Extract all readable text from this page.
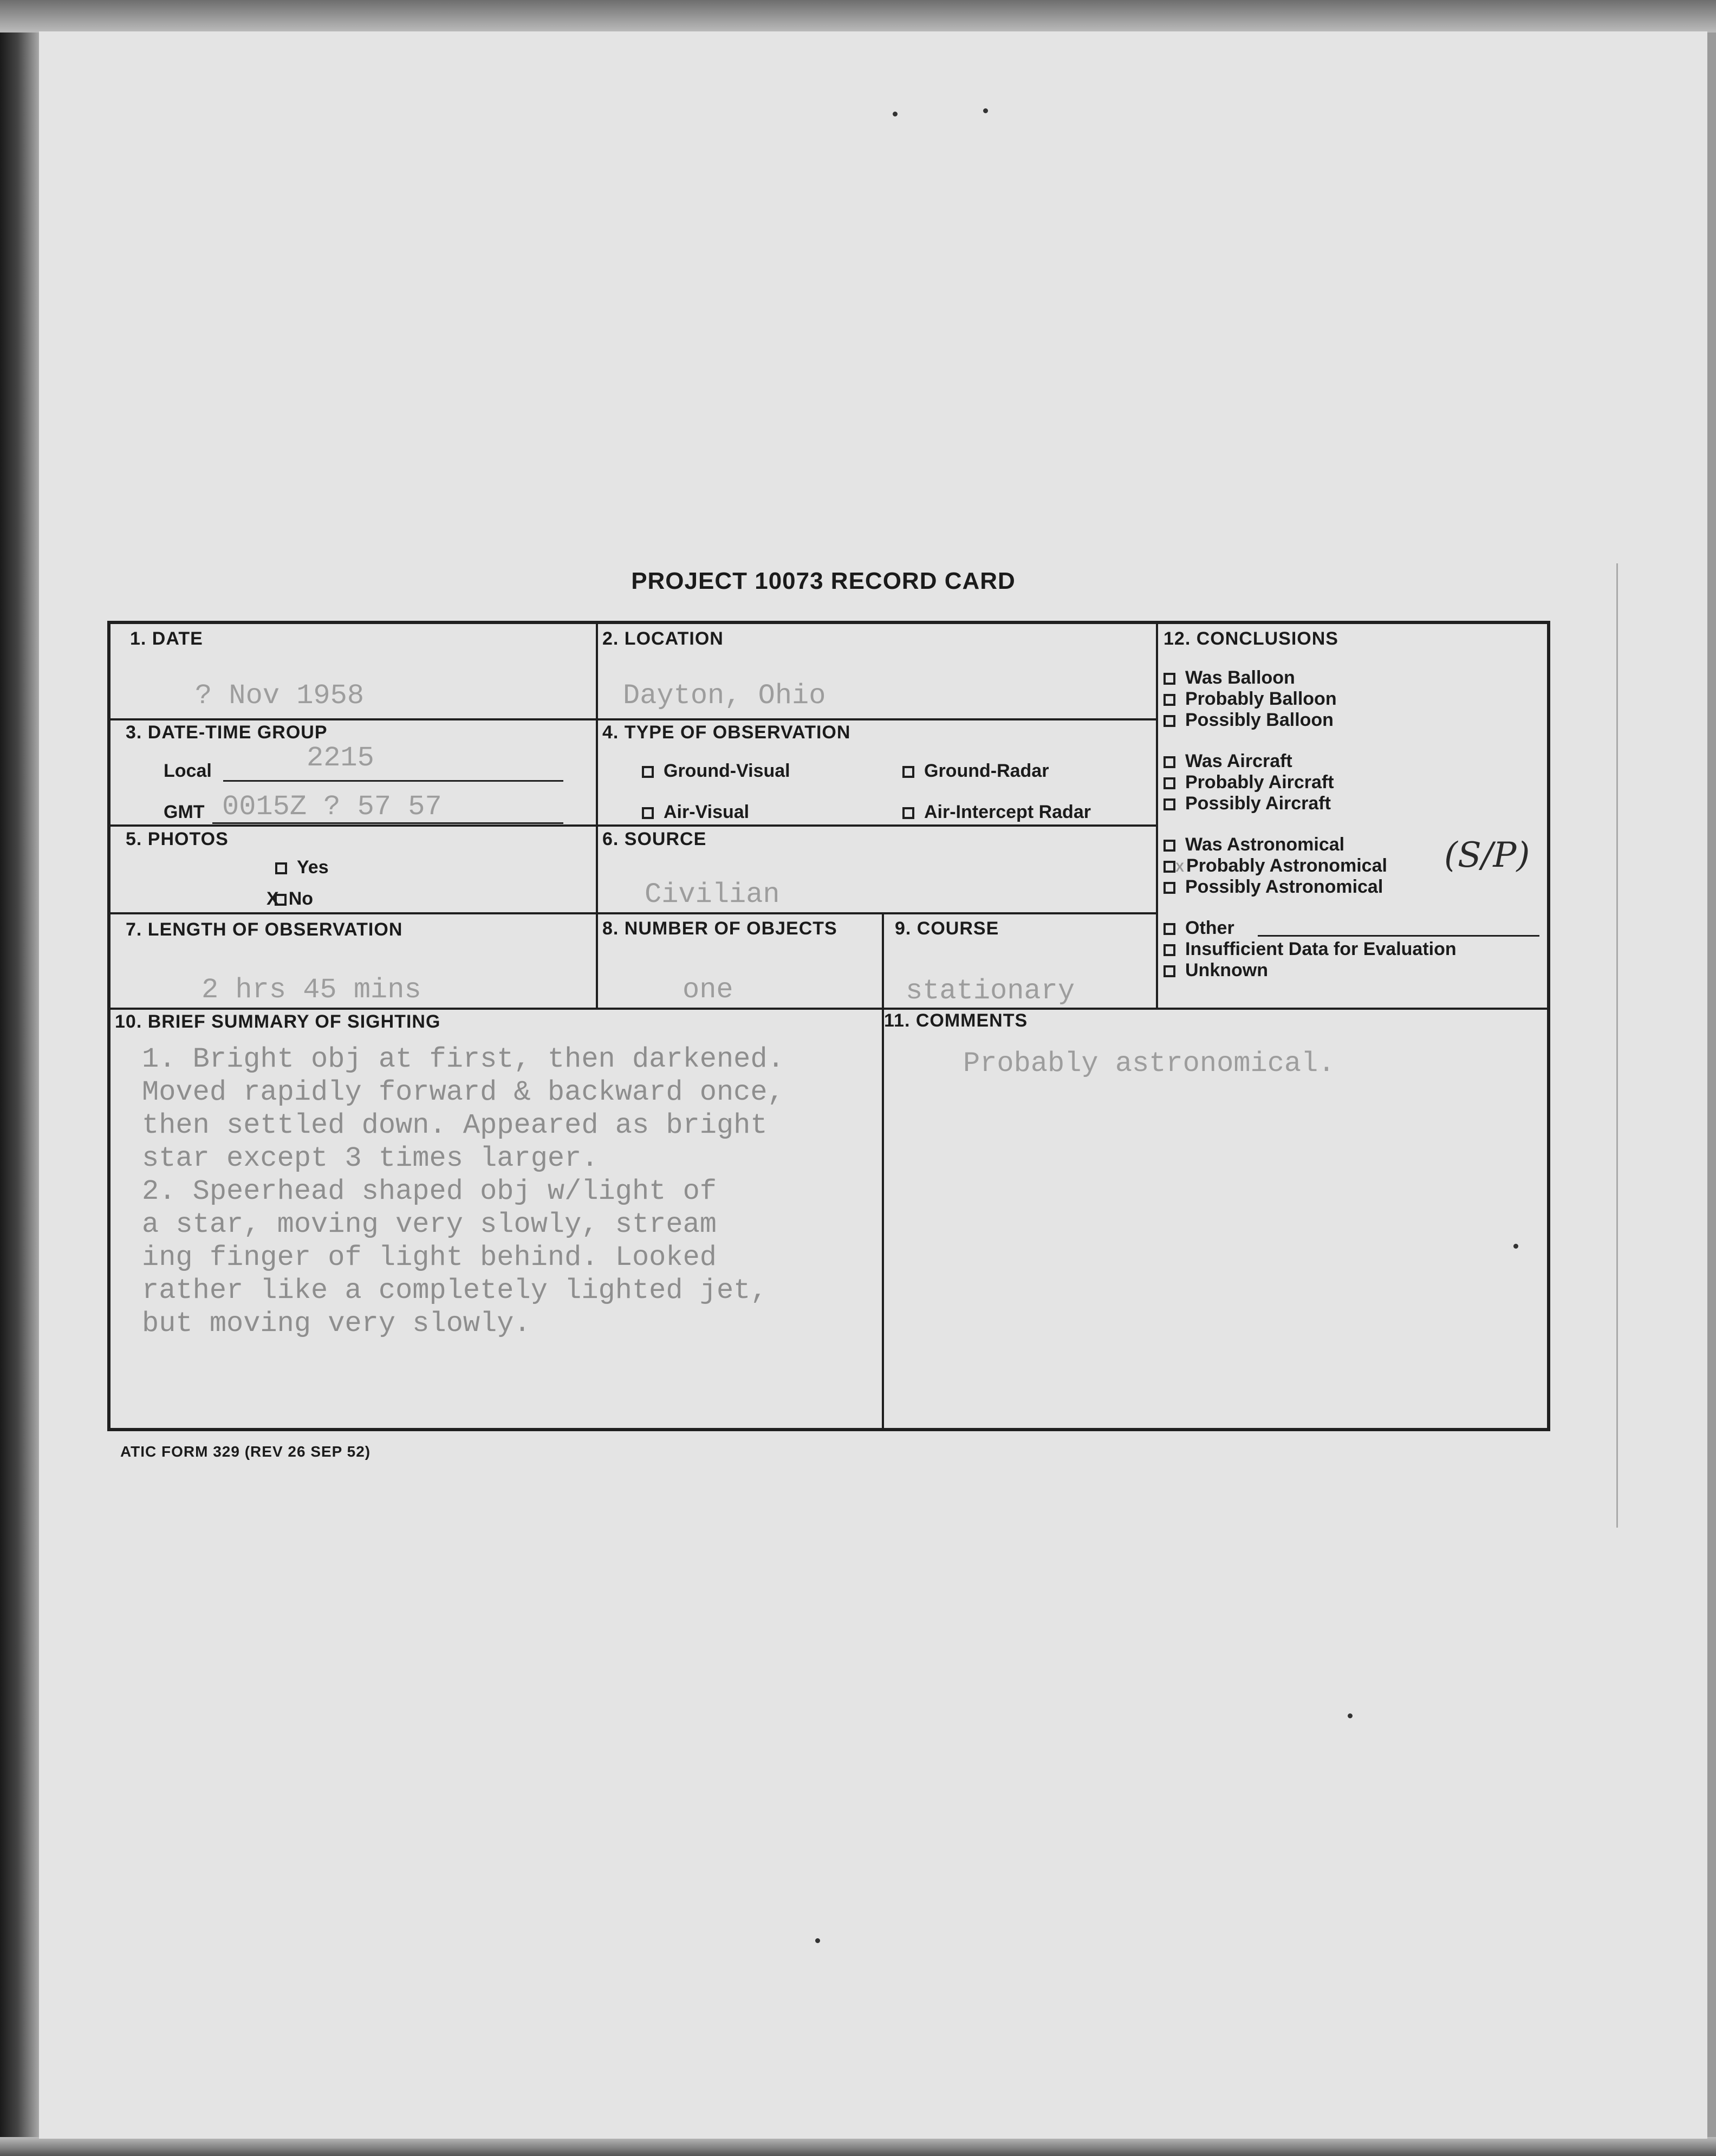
PROJECT 10073 RECORD CARD
1. DATE
? Nov 1958
2. LOCATION
Dayton, Ohio
3. DATE-TIME GROUP
Local	2215
GMT 0015Z ? 57 57
4. TYPE OF OBSERVATION
Ground-Visual	Ground-Radar
Air-Visual	Air-Intercept Radar
5. PHOTOS
Yes
X No
6. SOURCE
Civilian
7. LENGTH OF OBSERVATION
2 hrs 45 mins
8. NUMBER OF OBJECTS
one
9. COURSE
stationary
12. CONCLUSIONS
Was Balloon
Probably Balloon
Possibly Balloon
Was Aircraft
Probably Aircraft
Possibly Aircraft
Was Astronomical
X Probably Astronomical
Possibly Astronomical
Other
Insufficient Data for Evaluation
Unknown
(S/P)
10. BRIEF SUMMARY OF SIGHTING
1. Bright obj at first, then darkened.
Moved rapidly forward & backward once,
then settled down. Appeared as bright
star except 3 times larger.
2. Speerhead shaped obj w/light of
a star, moving very slowly, stream
ing finger of light behind. Looked
rather like a completely lighted jet,
but moving very slowly.
11. COMMENTS
Probably astronomical.
ATIC FORM 329 (REV 26 SEP 52)
